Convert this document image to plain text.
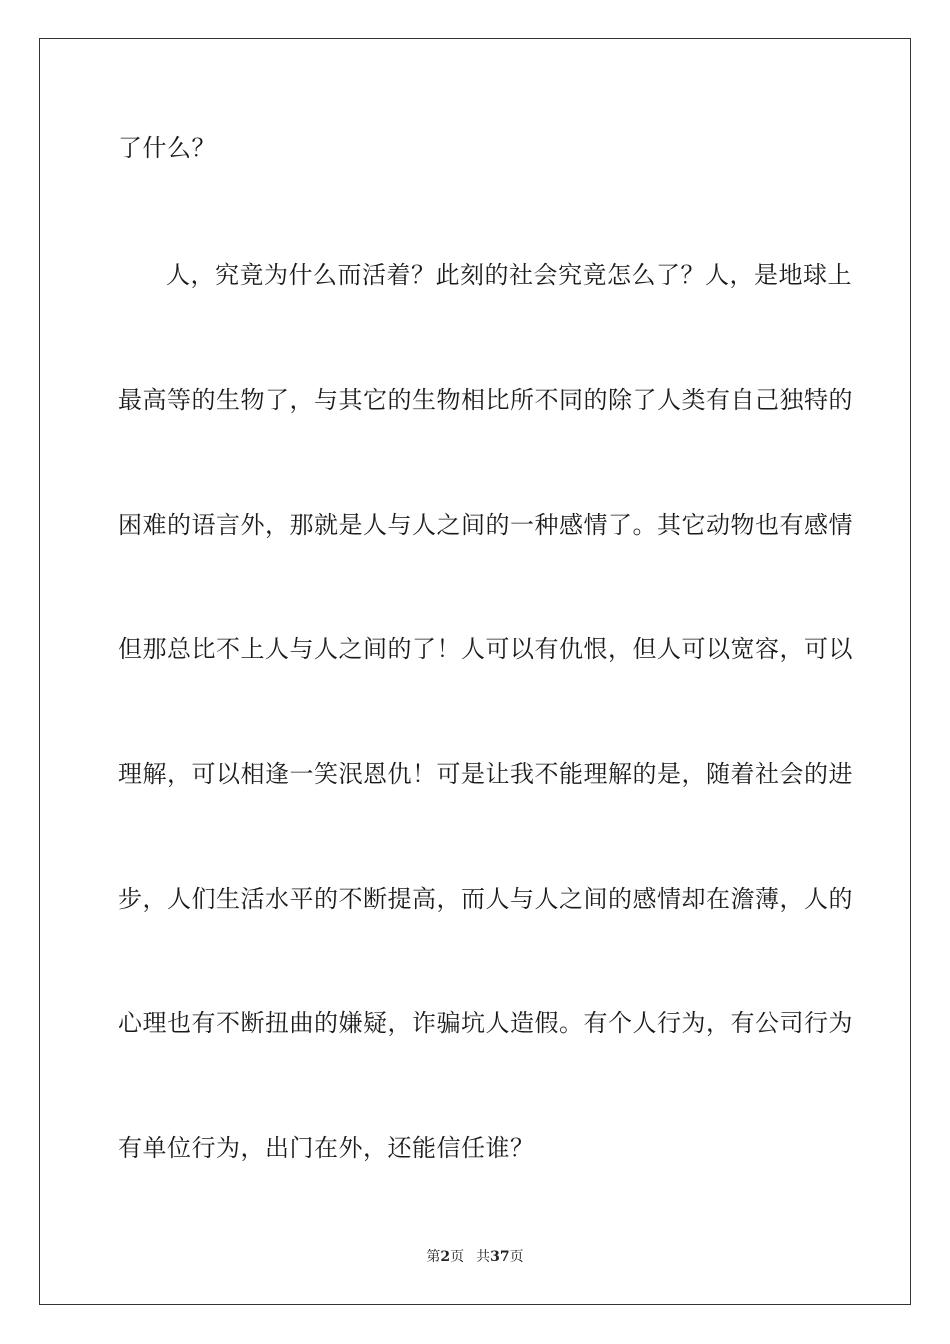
了什么？
人，究竟为什么而活着？此刻的社会究竟怎么了？人，是地球上
最高等的生物了，与其它的生物相比所不同的除了人类有自己独特的
困难的语言外，那就是人与人之间的一种感情了。其它动物也有感情
但那总比不上人与人之间的了！人可以有仇恨，但人可以宽容，可以
理解，可以相逢一笑泯恩仇！可是让我不能理解的是，随着社会的进
步，人们生活水平的不断提高，而人与人之间的感情却在澹薄，人的
心理也有不断扭曲的嫌疑，诈骗坑人造假。有个人行为，有公司行为
有单位行为，出门在外，还能信任谁？
第2页 共37页
